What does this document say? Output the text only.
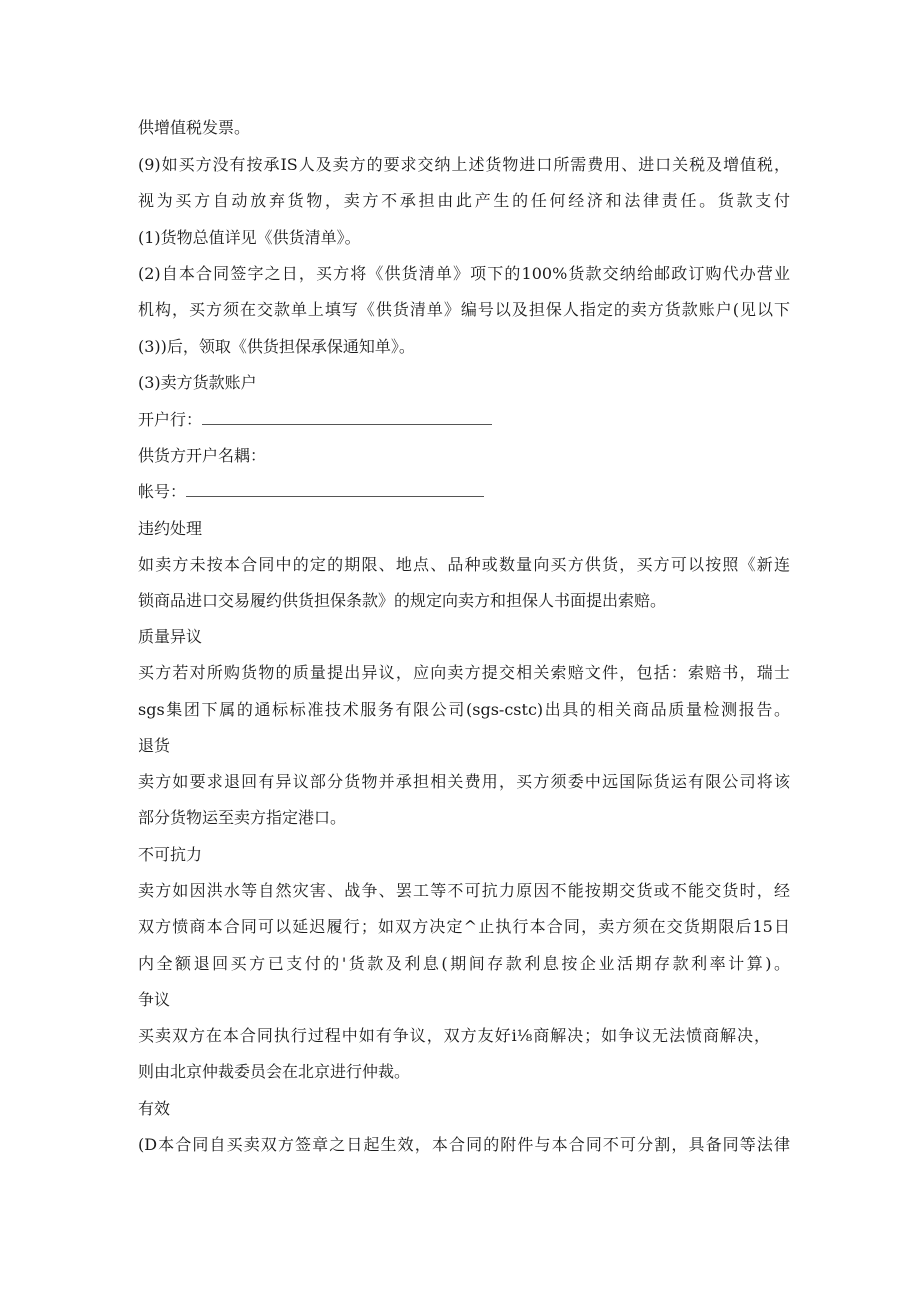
供增值税发票。
(9)如买方没有按承IS人及卖方的要求交纳上述货物进口所需费用、进口关税及增值税，
视为买方自动放弃货物，卖方不承担由此产生的任何经济和法律责任。货款支付
(1)货物总值详见《供货清单》。
(2)自本合同签字之日，买方将《供货清单》项下的100%货款交纳给邮政订购代办营业
机构，买方须在交款单上填写《供货清单》编号以及担保人指定的卖方货款账户(见以下
(3))后，领取《供货担保承保通知单》。
(3)卖方货款账户
开户行：
供货方开户名耦：
帐号：
违约处理
如卖方未按本合同中的定的期限、地点、品种或数量向买方供货，买方可以按照《新连
锁商品进口交易履约供货担保条款》的规定向卖方和担保人书面提出索赔。
质量异议
买方若对所购货物的质量提出异议，应向卖方提交相关索赔文件，包括：索赔书，瑞士
sgs集团下属的通标标准技术服务有限公司(sgs-cstc)出具的相关商品质量检测报告。
退货
卖方如要求退回有异议部分货物并承担相关费用，买方须委中远国际货运有限公司将该
部分货物运至卖方指定港口。
不可抗力
卖方如因洪水等自然灾害、战争、罢工等不可抗力原因不能按期交货或不能交货时，经
双方愤商本合同可以延迟履行；如双方决定^止执行本合同，卖方须在交货期限后15日
内全额退回买方已支付的'货款及利息(期间存款利息按企业活期存款利率计算)。
争议
买卖双方在本合同执行过程中如有争议，双方友好i⅛商解决；如争议无法愤商解决，
则由北京仲裁委员会在北京进行仲裁。
有效
(D本合同自买卖双方签章之日起生效，本合同的附件与本合同不可分割，具备同等法律
